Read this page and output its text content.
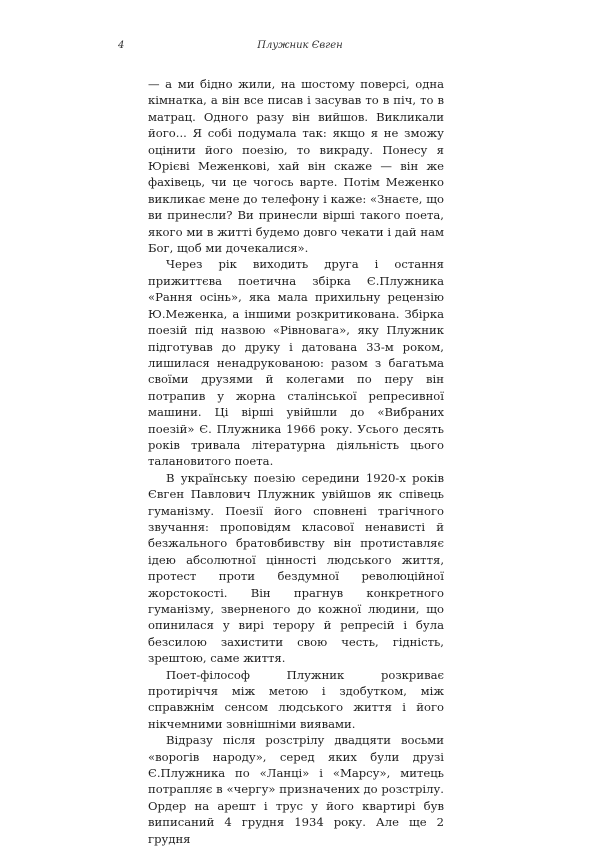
4	Плужник Євген

— а ми бідно жили, на шостому поверсі, одна кімнатка, а він все писав і засував то в піч, то в матрац. Одного разу він вийшов. Викликали його... Я собі подумала так: якщо я не зможу оцінити його поезію, то викраду. Понесу я Юрієві Меженкові, хай він скаже — він же фахівець, чи це чогось варте. Потім Меженко викликає мене до телефону і каже: «Знаєте, що ви принесли? Ви принесли вірші такого поета, якого ми в житті будемо довго чекати і дай нам Бог, щоб ми дочекалися».

Через рік виходить друга і остання прижиттєва поетична збірка Є.Плужника «Рання осінь», яка мала прихильну рецензію Ю.Меженка, а іншими розкритикована. Збірка поезій під назвою «Рівновага», яку Плужник підготував до друку і датована 33-м роком, лишилася ненадрукованою: разом з багатьма своїми друзями й колегами по перу він потрапив у жорна сталінської репресивної машини. Ці вірші увійшли до «Вибраних поезій» Є. Плужника 1966 року. Усього десять років тривала літературна діяльність цього талановитого поета.

В українську поезію середини 1920-х років Євген Павлович Плужник увійшов як співець гуманізму. Поезії його сповнені трагічного звучання: проповідям класової ненависті й безжального братовбивству він протиставляє ідею абсолютної цінності людського життя, протест проти бездумної революційної жорстокості. Він прагнув конкретного гуманізму, зверненого до кожної людини, що опинилася у вирі терору й репресій і була безсилою захистити свою честь, гідність, зрештою, саме життя.

Поет-філософ Плужник розкриває протиріччя між метою і здобутком, між справжнім сенсом людського життя і його нікчемними зовнішніми виявами.

Відразу після розстрілу двадцяти восьми «ворогів народу», серед яких були друзі Є.Плужника по «Ланці» і «Марсу», митець потрапляє в «чергу» призначених до розстрілу. Ордер на арешт і трус у його квартирі був виписаний 4 грудня 1934 року. Але ще 2 грудня
